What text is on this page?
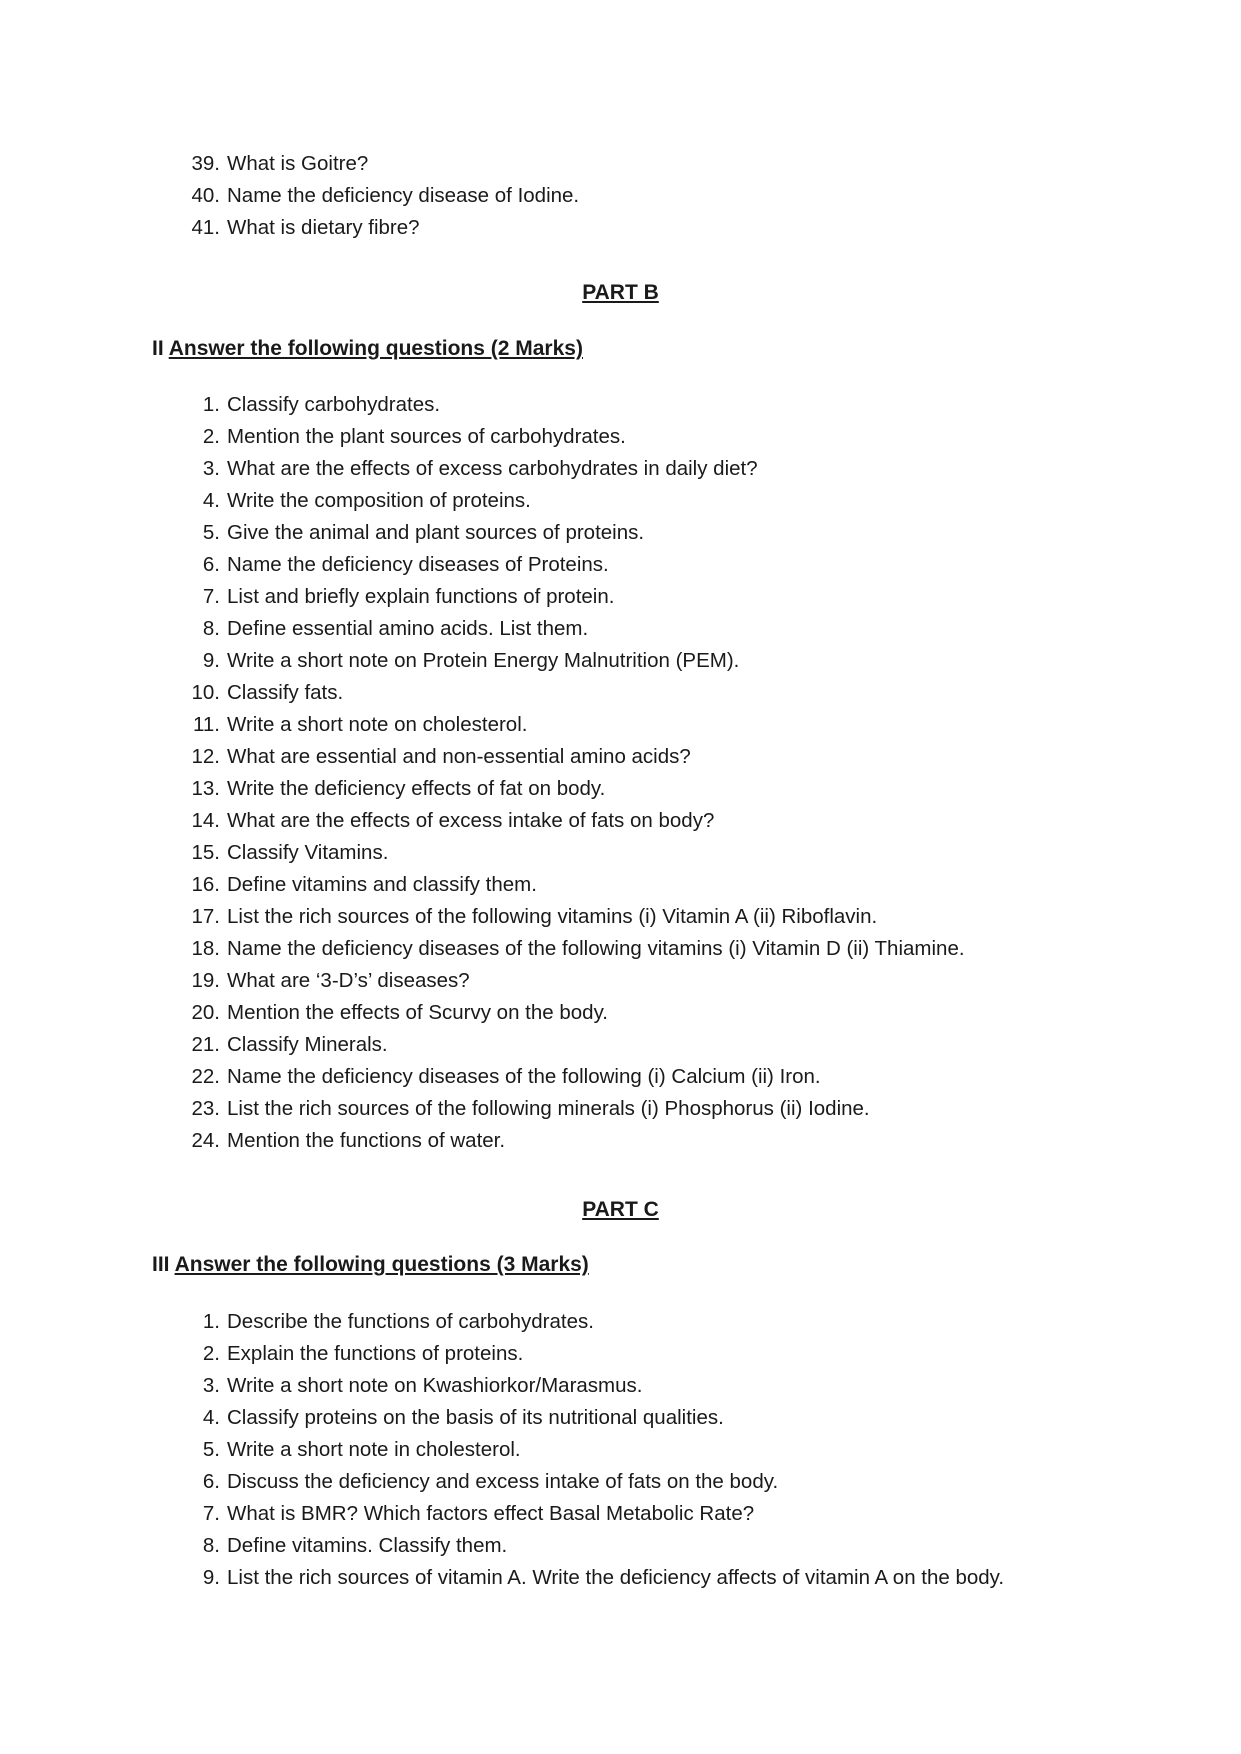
39. What is Goitre?
40. Name the deficiency disease of Iodine.
41. What is dietary fibre?
PART B
II Answer the following questions (2 Marks)
1. Classify carbohydrates.
2. Mention the plant sources of carbohydrates.
3. What are the effects of excess carbohydrates in daily diet?
4. Write the composition of proteins.
5. Give the animal and plant sources of proteins.
6. Name the deficiency diseases of Proteins.
7. List and briefly explain functions of protein.
8. Define essential amino acids. List them.
9. Write a short note on Protein Energy Malnutrition (PEM).
10. Classify fats.
11. Write a short note on cholesterol.
12. What are essential and non-essential amino acids?
13. Write the deficiency effects of fat on body.
14. What are the effects of excess intake of fats on body?
15. Classify Vitamins.
16. Define vitamins and classify them.
17. List the rich sources of the following vitamins (i) Vitamin A (ii) Riboflavin.
18. Name the deficiency diseases of the following vitamins (i) Vitamin D (ii) Thiamine.
19. What are ‘3-D’s’ diseases?
20. Mention the effects of Scurvy on the body.
21. Classify Minerals.
22. Name the deficiency diseases of the following (i) Calcium (ii) Iron.
23. List the rich sources of the following minerals (i) Phosphorus (ii) Iodine.
24. Mention the functions of water.
PART C
III Answer the following questions (3 Marks)
1. Describe the functions of carbohydrates.
2. Explain the functions of proteins.
3. Write a short note on Kwashiorkor/Marasmus.
4. Classify proteins on the basis of its nutritional qualities.
5. Write a short note in cholesterol.
6. Discuss the deficiency and excess intake of fats on the body.
7. What is BMR? Which factors effect Basal Metabolic Rate?
8. Define vitamins. Classify them.
9. List the rich sources of vitamin A. Write the deficiency affects of vitamin A on the body.
